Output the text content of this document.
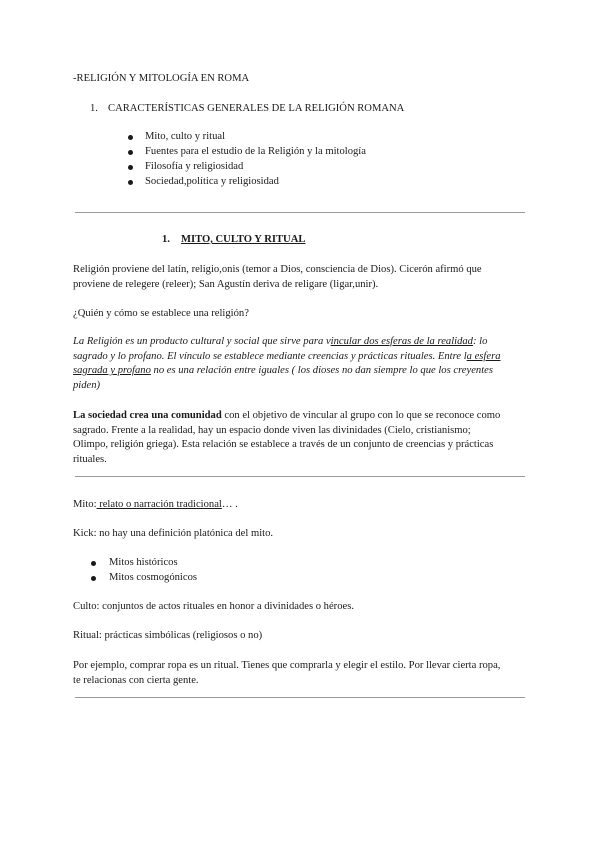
-RELIGIÓN Y MITOLOGÍA EN ROMA
1. CARACTERÍSTICAS GENERALES DE LA RELIGIÓN ROMANA
Mito, culto y ritual
Fuentes para el estudio de la Religión y la mitología
Filosofía y religiosidad
Sociedad,política y religiosidad
1. MITO, CULTO Y RITUAL
Religión proviene del latín, religio,onis (temor a Dios, consciencia de Dios). Cicerón afirmó que
proviene de relegere (releer); San Agustín deriva de religare (ligar,unir).
¿Quién y cómo se establece una religión?
La Religión es un producto cultural y social que sirve para vincular dos esferas de la realidad: lo
sagrado y lo profano. El vínculo se establece mediante creencias y prácticas rituales. Entre la esfera
sagrada y profano no es una relación entre iguales ( los dioses no dan siempre lo que los creyentes
piden)
La sociedad crea una comunidad con el objetivo de vincular al grupo con lo que se reconoce como
sagrado. Frente a la realidad, hay un espacio donde viven las divinidades (Cielo, cristianismo;
Olimpo, religión griega). Esta relación se establece a través de un conjunto de creencias y prácticas
rituales.
Mito: relato o narración tradicional… .
Kick: no hay una definición platónica del mito.
Mitos históricos
Mitos cosmogónicos
Culto: conjuntos de actos rituales en honor a divinidades o héroes.
Ritual: prácticas simbólicas (religiosos o no)
Por ejemplo, comprar ropa es un ritual. Tienes que comprarla y elegir el estilo. Por llevar cierta ropa,
te relacionas con cierta gente.
